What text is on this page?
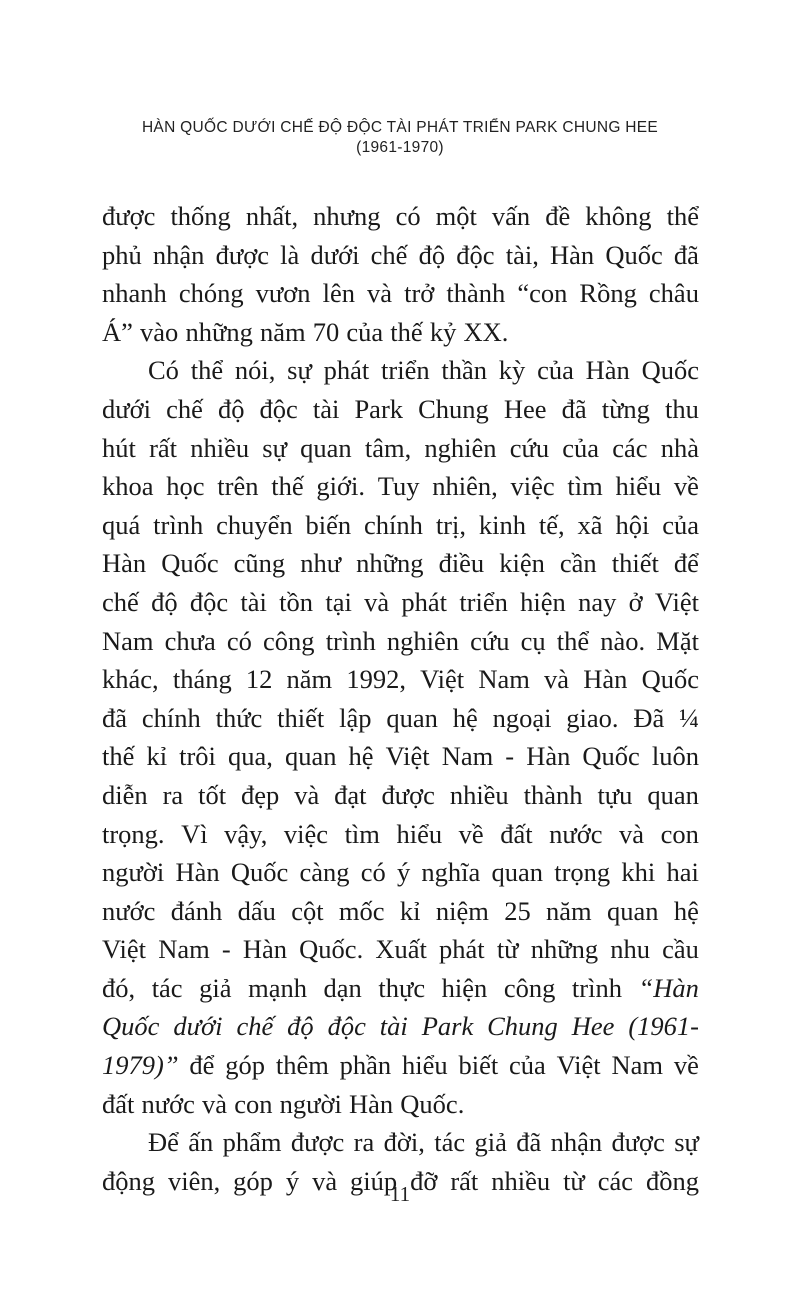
HÀN QUỐC DƯỚI CHẾ ĐỘ ĐỘC TÀI PHÁT TRIỂN PARK CHUNG HEE
(1961-1970)
được thống nhất, nhưng có một vấn đề không thể
phủ nhận được là dưới chế độ độc tài, Hàn Quốc đã
nhanh chóng vươn lên và trở thành “con Rồng châu
Á” vào những năm 70 của thế kỷ XX.
Có thể nói, sự phát triển thần kỳ của Hàn Quốc
dưới chế độ độc tài Park Chung Hee đã từng thu
hút rất nhiều sự quan tâm, nghiên cứu của các nhà
khoa học trên thế giới. Tuy nhiên, việc tìm hiểu về
quá trình chuyển biến chính trị, kinh tế, xã hội của
Hàn Quốc cũng như những điều kiện cần thiết để
chế độ độc tài tồn tại và phát triển hiện nay ở Việt
Nam chưa có công trình nghiên cứu cụ thể nào. Mặt
khác, tháng 12 năm 1992, Việt Nam và Hàn Quốc
đã chính thức thiết lập quan hệ ngoại giao. Đã ¼
thế kỉ trôi qua, quan hệ Việt Nam - Hàn Quốc luôn
diễn ra tốt đẹp và đạt được nhiều thành tựu quan
trọng. Vì vậy, việc tìm hiểu về đất nước và con
người Hàn Quốc càng có ý nghĩa quan trọng khi hai
nước đánh dấu cột mốc kỉ niệm 25 năm quan hệ
Việt Nam - Hàn Quốc. Xuất phát từ những nhu cầu
đó, tác giả mạnh dạn thực hiện công trình “Hàn
Quốc dưới chế độ độc tài Park Chung Hee (1961-
1979)” để góp thêm phần hiểu biết của Việt Nam về
đất nước và con người Hàn Quốc.
Để ấn phẩm được ra đời, tác giả đã nhận được sự
động viên, góp ý và giúp đỡ rất nhiều từ các đồng
11
